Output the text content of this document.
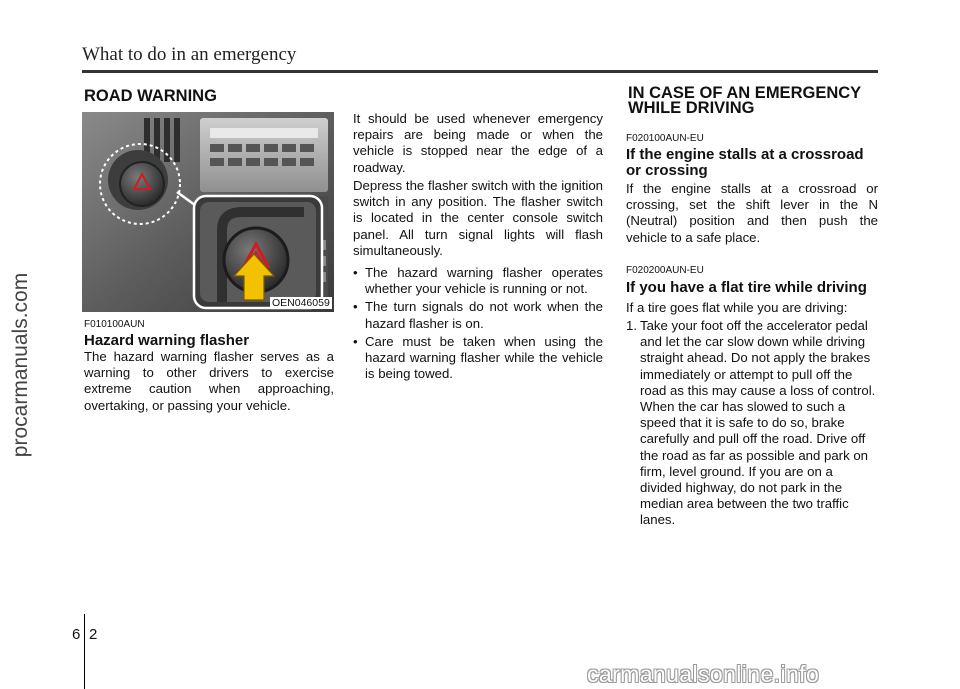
What to do in an emergency
procarmanuals.com
ROAD WARNING
OEN046059
F010100AUN
Hazard warning flasher
The hazard warning flasher serves as a warning to other drivers to exercise extreme caution when approaching, overtaking, or passing your vehicle.
It should be used whenever emergency repairs are being made or when the vehicle is stopped near the edge of a roadway.
Depress the flasher switch with the ignition switch in any position. The flasher switch is located in the center console switch panel. All turn signal lights will flash simultaneously.
• The hazard warning flasher operates whether your vehicle is running or not.
• The turn signals do not work when the hazard flasher is on.
• Care must be taken when using the hazard warning flasher while the vehicle is being towed.
IN CASE OF AN EMERGENCY
WHILE DRIVING
F020100AUN-EU
If the engine stalls at a crossroad
or crossing
If the engine stalls at a crossroad or crossing, set the shift lever in the N (Neutral) position and then push the vehicle to a safe place.
F020200AUN-EU
If you have a flat tire while driving
If a tire goes flat while you are driving:
1. Take your foot off the accelerator pedal and let the car slow down while driving straight ahead. Do not apply the brakes immediately or attempt to pull off the road as this may cause a loss of control. When the car has slowed to such a speed that it is safe to do so, brake carefully and pull off the road. Drive off the road as far as possible and park on firm, level ground. If you are on a divided highway, do not park in the median area between the two traffic lanes.
6 2
carmanualsonline.info
